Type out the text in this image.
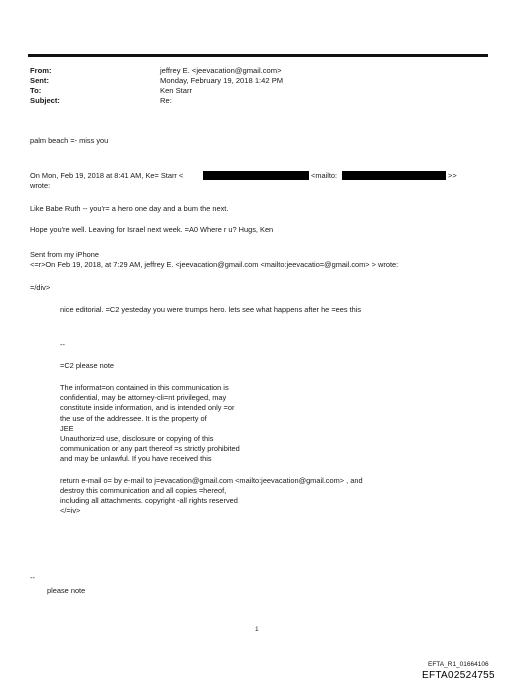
From:	jeffrey E. <jeevacation@gmail.com>
Sent:	Monday, February 19, 2018 1:42 PM
To:	Ken Starr
Subject:	Re:
palm beach =- miss you
On Mon, Feb 19, 2018 at 8:41 AM, Ke= Starr <	<mailto:	>>
wrote:
Like Babe Ruth -- you'r= a hero one day and a bum the next.
Hope you're well. Leaving for Israel next week. =A0 Where r u? Hugs, Ken
Sent from my iPhone
<=r>On Feb 19, 2018, at 7:29 AM, jeffrey E. <jeevacation@gmail.com <mailto:jeevacatio=@gmail.com> > wrote:
=/div>
nice editorial. =C2 yesteday you were trumps hero. lets see what happens after he =ees this
--
=C2 please note

The informat=on contained in this communication is

confidential, may be attorney-cli=nt privileged, may

constitute inside information, and is intended only =or

the use of the addressee. It is the property of

JEE

Unauthoriz=d use, disclosure or copying of this

communication or any part thereof =s strictly prohibited

and may be unlawful. If you have received this

return e-mail o= by e-mail to j=evacation@gmail.com <mailto:jeevacation@gmail.com> , and

destroy this communication and all copies =hereof,

including all attachments. copyright -all rights reserved

</=iv>

--
please note
1
EFTA_R1_01664106
EFTA02524755
